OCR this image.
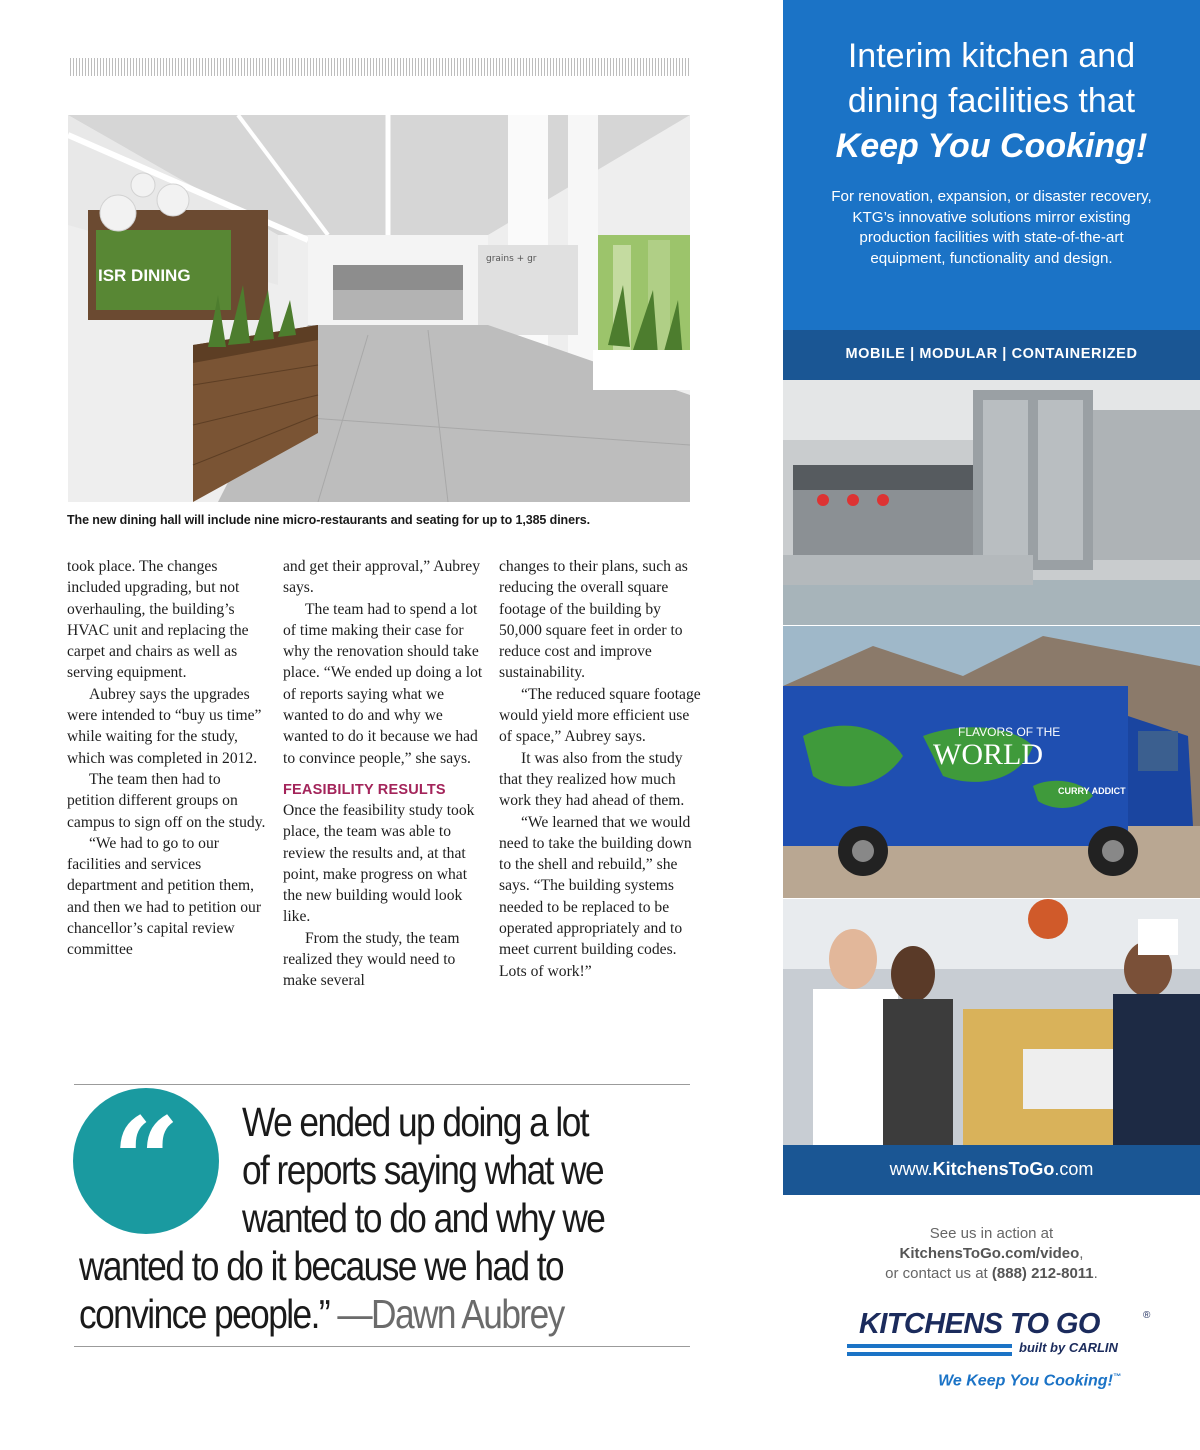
grains + gr
ISR DINING
The new dining hall will include nine micro-restaurants and seating for up to 1,385 diners.

took place. The changes included upgrading, but not overhauling, the building’s HVAC unit and replacing the carpet and chairs as well as serving equipment.

Aubrey says the upgrades were intended to “buy us time” while waiting for the study, which was completed in 2012.

The team then had to petition different groups on campus to sign off on the study.

“We had to go to our facilities and services department and petition them, and then we had to petition our chancellor’s capital review committee

and get their approval,” Aubrey says.

The team had to spend a lot of time making their case for why the renovation should take place. “We ended up doing a lot of reports saying what we wanted to do and why we wanted to do it because we had to convince people,” she says.

FEASIBILITY RESULTS

Once the feasibility study took place, the team was able to review the results and, at that point, make progress on what the new building would look like.

From the study, the team realized they would need to make several

changes to their plans, such as reducing the overall square footage of the building by 50,000 square feet in order to reduce cost and improve sustainability.

“The reduced square footage would yield more efficient use of space,” Aubrey says.

It was also from the study that they realized how much work they had ahead of them.

“We learned that we would need to take the building down to the shell and rebuild,” she says. “The building systems needed to be replaced to be operated appropriately and to meet current building codes. Lots of work!”

“	We ended up doing a lot
of reports saying what we
wanted to do and why we
wanted to do it because we had to
convince people.” —Dawn Aubrey
Interim kitchen and
dining facilities that
Keep You Cooking!
For renovation, expansion, or disaster recovery, KTG’s innovative solutions mirror existing production facilities with state-of-the-art equipment, functionality and design.
MOBILE | MODULAR | CONTAINERIZED
FLAVORS OF THE
WORLD
CURRY ADDICT
www.KitchensToGo.com
See us in action at
KitchensToGo.com/video,
or contact us at (888) 212-8011.
KITCHENS TO GO	®
built by CARLIN
We Keep You Cooking!™
